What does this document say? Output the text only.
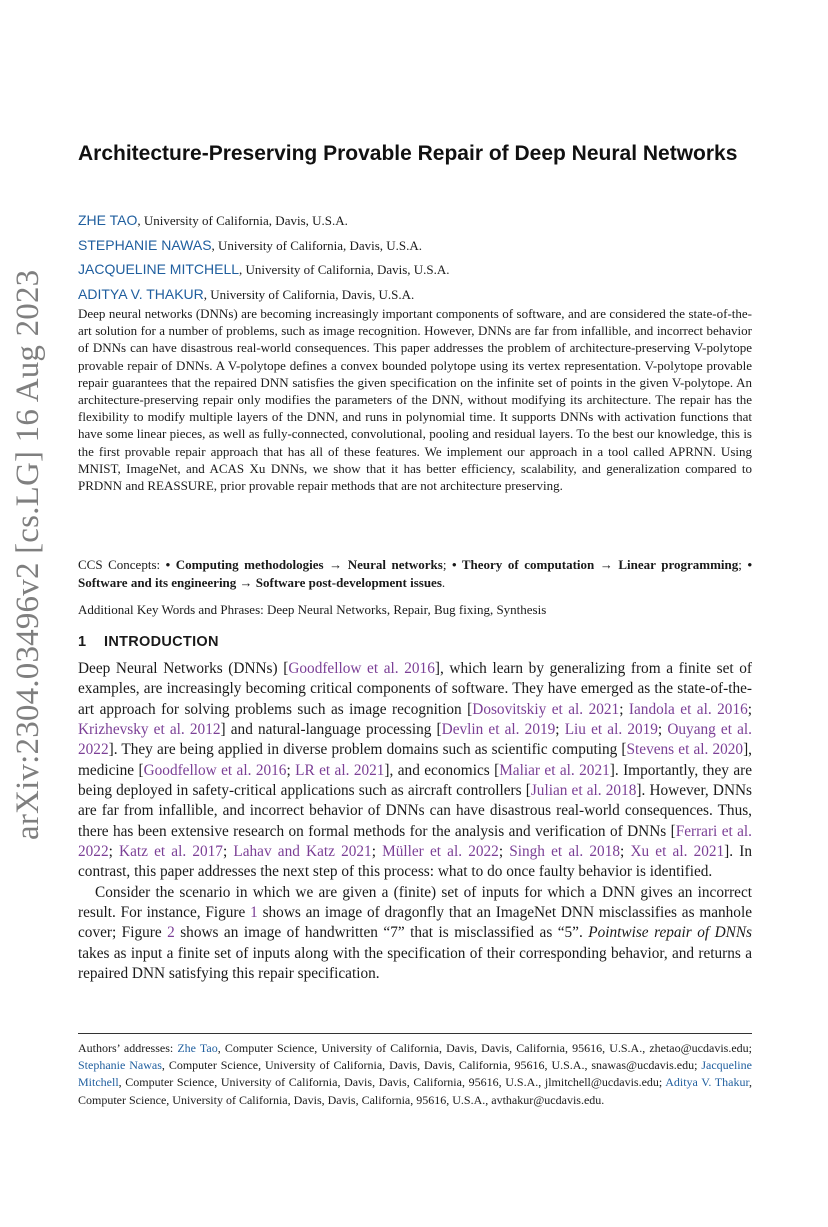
arXiv:2304.03496v2 [cs.LG] 16 Aug 2023
Architecture-Preserving Provable Repair of Deep Neural Networks
ZHE TAO, University of California, Davis, U.S.A.
STEPHANIE NAWAS, University of California, Davis, U.S.A.
JACQUELINE MITCHELL, University of California, Davis, U.S.A.
ADITYA V. THAKUR, University of California, Davis, U.S.A.

Deep neural networks (DNNs) are becoming increasingly important components of software, and are considered the state-of-the-art solution for a number of problems, such as image recognition. However, DNNs are far from infallible, and incorrect behavior of DNNs can have disastrous real-world consequences. This paper addresses the problem of architecture-preserving V-polytope provable repair of DNNs. A V-polytope defines a convex bounded polytope using its vertex representation. V-polytope provable repair guarantees that the repaired DNN satisfies the given specification on the infinite set of points in the given V-polytope. An architecture-preserving repair only modifies the parameters of the DNN, without modifying its architecture. The repair has the flexibility to modify multiple layers of the DNN, and runs in polynomial time. It supports DNNs with activation functions that have some linear pieces, as well as fully-connected, convolutional, pooling and residual layers. To the best our knowledge, this is the first provable repair approach that has all of these features. We implement our approach in a tool called APRNN. Using MNIST, ImageNet, and ACAS Xu DNNs, we show that it has better efficiency, scalability, and generalization compared to PRDNN and REASSURE, prior provable repair methods that are not architecture preserving.

CCS Concepts: • Computing methodologies → Neural networks; • Theory of computation → Linear programming; • Software and its engineering → Software post-development issues.
Additional Key Words and Phrases: Deep Neural Networks, Repair, Bug fixing, Synthesis
1 INTRODUCTION

Deep Neural Networks (DNNs) [Goodfellow et al. 2016], which learn by generalizing from a finite set of examples, are increasingly becoming critical components of software. They have emerged as the state-of-the-art approach for solving problems such as image recognition [Dosovitskiy et al. 2021; Iandola et al. 2016; Krizhevsky et al. 2012] and natural-language processing [Devlin et al. 2019; Liu et al. 2019; Ouyang et al. 2022]. They are being applied in diverse problem domains such as scientific computing [Stevens et al. 2020], medicine [Goodfellow et al. 2016; LR et al. 2021], and economics [Maliar et al. 2021]. Importantly, they are being deployed in safety-critical applications such as aircraft controllers [Julian et al. 2018]. However, DNNs are far from infallible, and incorrect behavior of DNNs can have disastrous real-world consequences. Thus, there has been extensive research on formal methods for the analysis and verification of DNNs [Ferrari et al. 2022; Katz et al. 2017; Lahav and Katz 2021; Müller et al. 2022; Singh et al. 2018; Xu et al. 2021]. In contrast, this paper addresses the next step of this process: what to do once faulty behavior is identified.

Consider the scenario in which we are given a (finite) set of inputs for which a DNN gives an incorrect result. For instance, Figure 1 shows an image of dragonfly that an ImageNet DNN misclassifies as manhole cover; Figure 2 shows an image of handwritten “7” that is misclassified as “5”. Pointwise repair of DNNs takes as input a finite set of inputs along with the specification of their corresponding behavior, and returns a repaired DNN satisfying this repair specification.

Authors’ addresses: Zhe Tao, Computer Science, University of California, Davis, Davis, California, 95616, U.S.A., zhetao@ucdavis.edu; Stephanie Nawas, Computer Science, University of California, Davis, Davis, California, 95616, U.S.A., snawas@ucdavis.edu; Jacqueline Mitchell, Computer Science, University of California, Davis, Davis, California, 95616, U.S.A., jlmitchell@ucdavis.edu; Aditya V. Thakur, Computer Science, University of California, Davis, Davis, California, 95616, U.S.A., avthakur@ucdavis.edu.
